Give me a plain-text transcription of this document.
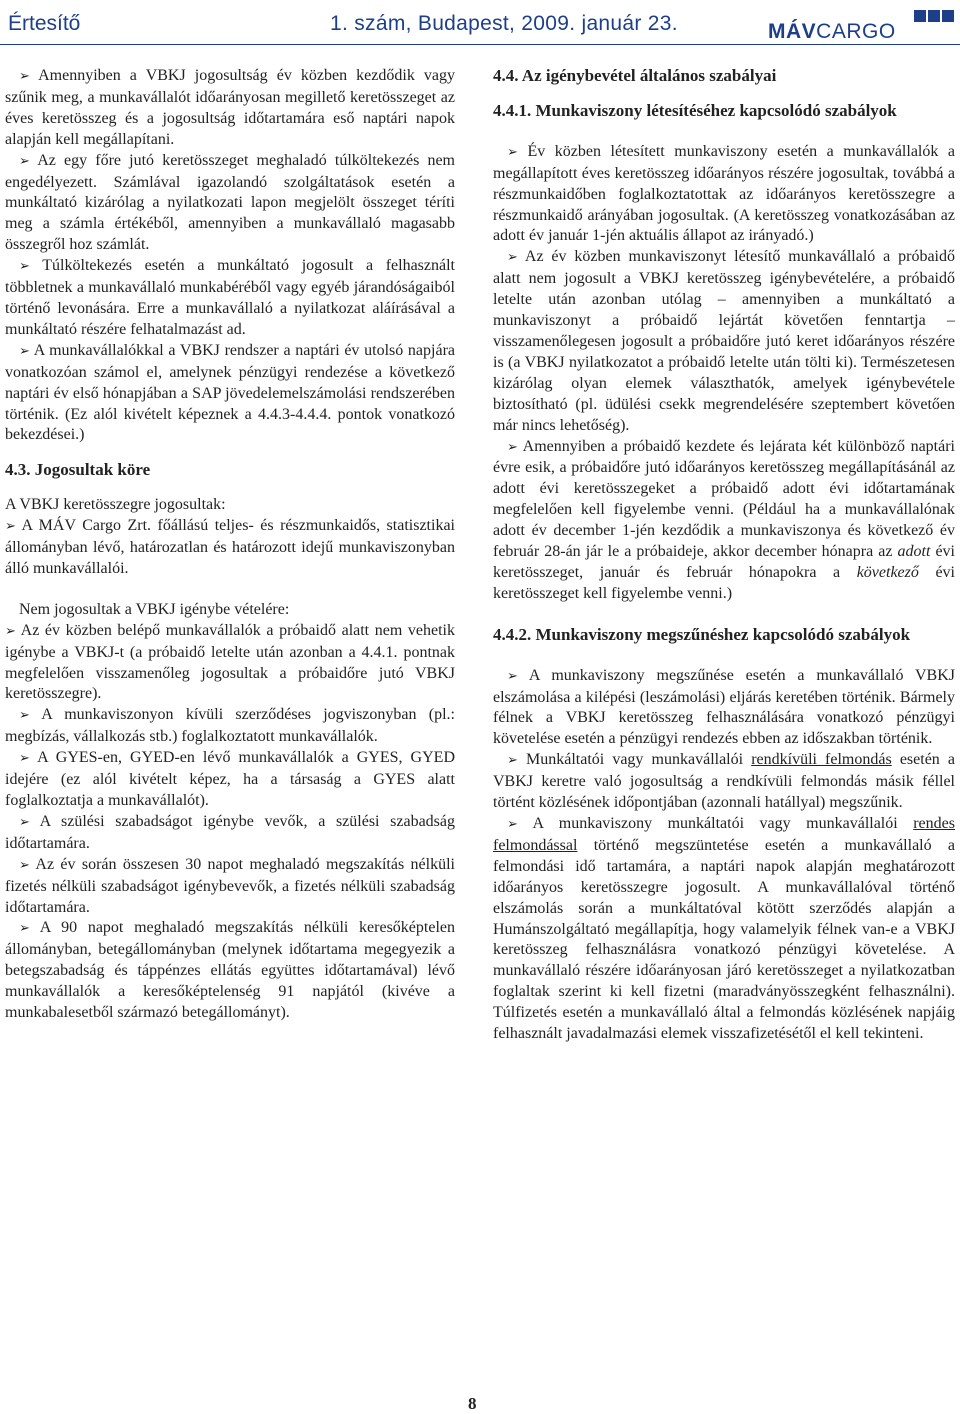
Értesítő	1. szám, Budapest, 2009. január 23.	MÁVCARGO

➢ Amennyiben a VBKJ jogosultság év közben kezdődik vagy szűnik meg, a munkavállalót időarányosan megillető keretösszeget az éves keretösszeg és a jogosultság időtartamára eső naptári napok alapján kell megállapítani.

➢ Az egy főre jutó keretösszeget meghaladó túlköltekezés nem engedélyezett. Számlával igazolandó szolgáltatások esetén a munkáltató kizárólag a nyilatkozati lapon megjelölt összeget téríti meg a számla értékéből, amennyiben a munkavállaló magasabb összegről hoz számlát.

➢ Túlköltekezés esetén a munkáltató jogosult a felhasznált többletnek a munkavállaló munkabéréből vagy egyéb járandóságaiból történő levonására. Erre a munkavállaló a nyilatkozat aláírásával a munkáltató részére felhatalmazást ad.

➢ A munkavállalókkal a VBKJ rendszer a naptári év utolsó napjára vonatkozóan számol el, amelynek pénzügyi rendezése a következő naptári év első hónapjában a SAP jövedelemelszámolási rendszerében történik. (Ez alól kivételt képeznek a 4.4.3-4.4.4. pontok vonatkozó bekezdései.)

4.3. Jogosultak köre

A VBKJ keretösszegre jogosultak:

➢ A MÁV Cargo Zrt. főállású teljes- és részmunkaidős, statisztikai állományban lévő, határozatlan és határozott idejű munkaviszonyban álló munkavállalói.

Nem jogosultak a VBKJ igénybe vételére:

➢ Az év közben belépő munkavállalók a próbaidő alatt nem vehetik igénybe a VBKJ-t (a próbaidő letelte után azonban a 4.4.1. pontnak megfelelően visszamenőleg jogosultak a próbaidőre jutó VBKJ keretösszegre).

➢ A munkaviszonyon kívüli szerződéses jogviszonyban (pl.: megbízás, vállalkozás stb.) foglalkoztatott munkavállalók.

➢ A GYES-en, GYED-en lévő munkavállalók a GYES, GYED idejére (ez alól kivételt képez, ha a társaság a GYES alatt foglalkoztatja a munkavállalót).

➢ A szülési szabadságot igénybe vevők, a szülési szabadság időtartamára.

➢ Az év során összesen 30 napot meghaladó megszakítás nélküli fizetés nélküli szabadságot igénybevevők, a fizetés nélküli szabadság időtartamára.

➢ A 90 napot meghaladó megszakítás nélküli keresőképtelen állományban, betegállományban (melynek időtartama megegyezik a betegszabadság és táppénzes ellátás együttes időtartamával) lévő munkavállalók a keresőképtelenség 91 napjától (kivéve a munkabalesetből származó betegállományt).

4.4. Az igénybevétel általános szabályai

4.4.1. Munkaviszony létesítéséhez kapcsolódó szabályok

➢ Év közben létesített munkaviszony esetén a munkavállalók a megállapított éves keretösszeg időarányos részére jogosultak, továbbá a részmunkaidőben foglalkoztatottak az időarányos keretösszegre a részmunkaidő arányában jogosultak. (A keretösszeg vonatkozásában az adott év január 1-jén aktuális állapot az irányadó.)

➢ Az év közben munkaviszonyt létesítő munkavállaló a próbaidő alatt nem jogosult a VBKJ keretösszeg igénybevételére, a próbaidő letelte után azonban utólag – amennyiben a munkáltató a munkaviszonyt a próbaidő lejártát követően fenntartja – visszamenőlegesen jogosult a próbaidőre jutó keret időarányos részére is (a VBKJ nyilatkozatot a próbaidő letelte után tölti ki). Természetesen kizárólag olyan elemek választhatók, amelyek igénybevétele biztosítható (pl. üdülési csekk megrendelésére szeptembert követően már nincs lehetőség).

➢ Amennyiben a próbaidő kezdete és lejárata két különböző naptári évre esik, a próbaidőre jutó időarányos keretösszeg megállapításánál az adott évi keretösszegeket a próbaidő adott évi időtartamának megfelelően kell figyelembe venni. (Például ha a munkavállalónak adott év december 1-jén kezdődik a munkaviszonya és következő év február 28-án jár le a próbaideje, akkor december hónapra az adott évi keretösszeget, január és február hónapokra a következő évi keretösszeget kell figyelembe venni.)

4.4.2. Munkaviszony megszűnéshez kapcsolódó szabályok

➢ A munkaviszony megszűnése esetén a munkavállaló VBKJ elszámolása a kilépési (leszámolási) eljárás keretében történik. Bármely félnek a VBKJ keretösszeg felhasználására vonatkozó pénzügyi követelése esetén a pénzügyi rendezés ebben az időszakban történik.

➢ Munkáltatói vagy munkavállalói rendkívüli felmondás esetén a VBKJ keretre való jogosultság a rendkívüli felmondás másik féllel történt közlésének időpontjában (azonnali hatállyal) megszűnik.

➢ A munkaviszony munkáltatói vagy munkavállalói rendes felmondással történő megszüntetése esetén a munkavállaló a felmondási idő tartamára, a naptári napok alapján meghatározott időarányos keretösszegre jogosult. A munkavállalóval történő elszámolás során a munkáltatóval kötött szerződés alapján a Humánszolgáltató megállapítja, hogy valamelyik félnek van-e a VBKJ keretösszeg felhasználásra vonatkozó pénzügyi követelése. A munkavállaló részére időarányosan járó keretösszeget a nyilatkozatban foglaltak szerint ki kell fizetni (maradványösszegként felhasználni). Túlfizetés esetén a munkavállaló által a felmondás közlésének napjáig felhasznált javadalmazási elemek visszafizetésétől el kell tekinteni.

8
